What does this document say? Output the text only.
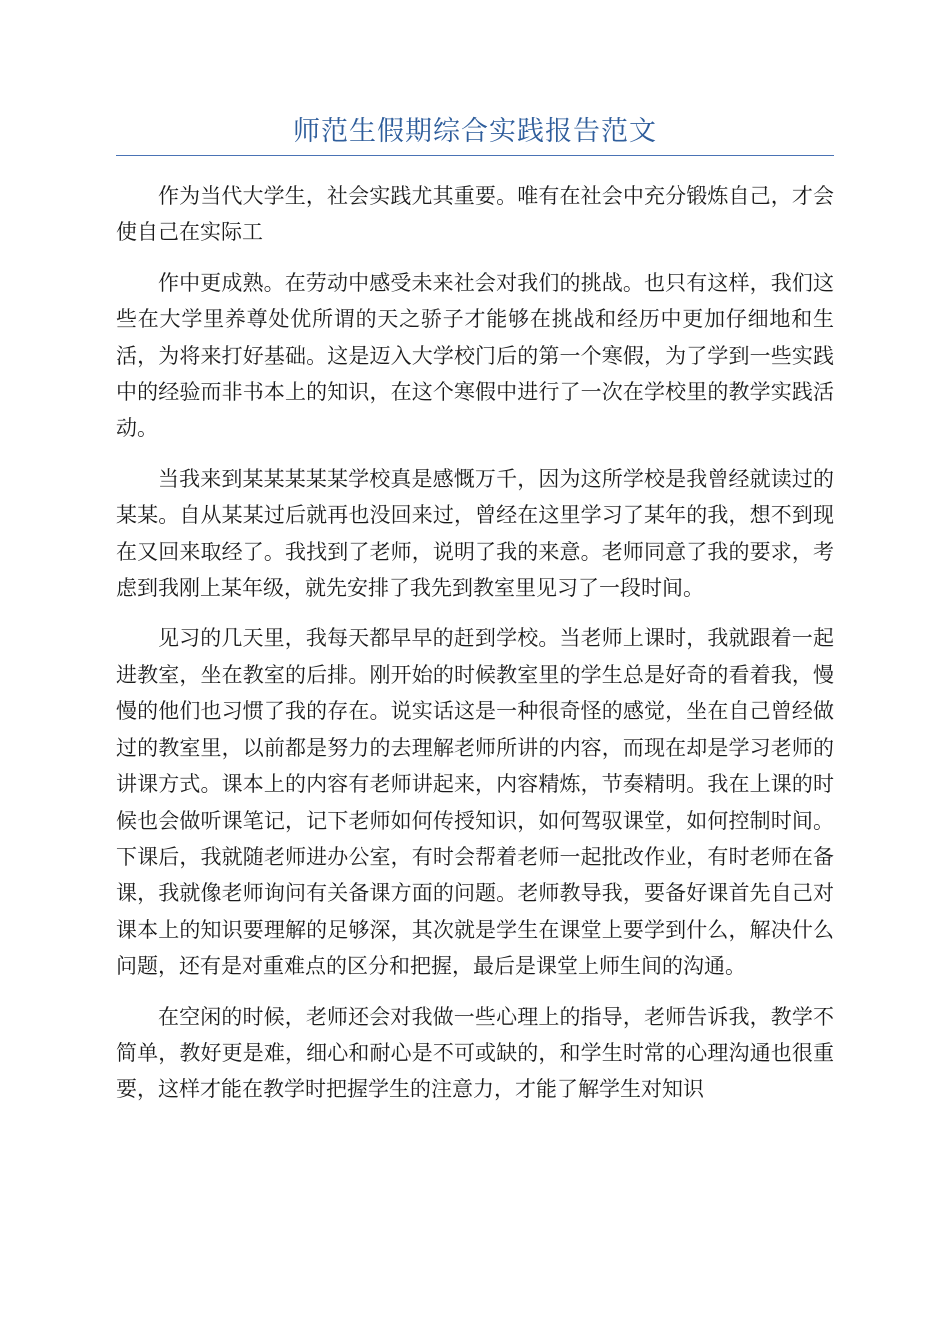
师范生假期综合实践报告范文

作为当代大学生，社会实践尤其重要。唯有在社会中充分锻炼自己，才会使自己在实际工

作中更成熟。在劳动中感受未来社会对我们的挑战。也只有这样，我们这些在大学里养尊处优所谓的天之骄子才能够在挑战和经历中更加仔细地和生活，为将来打好基础。这是迈入大学校门后的第一个寒假，为了学到一些实践中的经验而非书本上的知识，在这个寒假中进行了一次在学校里的教学实践活动。

当我来到某某某某某学校真是感慨万千，因为这所学校是我曾经就读过的某某。自从某某过后就再也没回来过，曾经在这里学习了某年的我，想不到现在又回来取经了。我找到了老师，说明了我的来意。老师同意了我的要求，考虑到我刚上某年级，就先安排了我先到教室里见习了一段时间。

见习的几天里，我每天都早早的赶到学校。当老师上课时，我就跟着一起进教室，坐在教室的后排。刚开始的时候教室里的学生总是好奇的看着我，慢慢的他们也习惯了我的存在。说实话这是一种很奇怪的感觉，坐在自己曾经做过的教室里，以前都是努力的去理解老师所讲的内容，而现在却是学习老师的讲课方式。课本上的内容有老师讲起来，内容精炼，节奏精明。我在上课的时候也会做听课笔记，记下老师如何传授知识，如何驾驭课堂，如何控制时间。下课后，我就随老师进办公室，有时会帮着老师一起批改作业，有时老师在备课，我就像老师询问有关备课方面的问题。老师教导我，要备好课首先自己对课本上的知识要理解的足够深，其次就是学生在课堂上要学到什么，解决什么问题，还有是对重难点的区分和把握，最后是课堂上师生间的沟通。

在空闲的时候，老师还会对我做一些心理上的指导，老师告诉我，教学不简单，教好更是难，细心和耐心是不可或缺的，和学生时常的心理沟通也很重要，这样才能在教学时把握学生的注意力，才能了解学生对知识
